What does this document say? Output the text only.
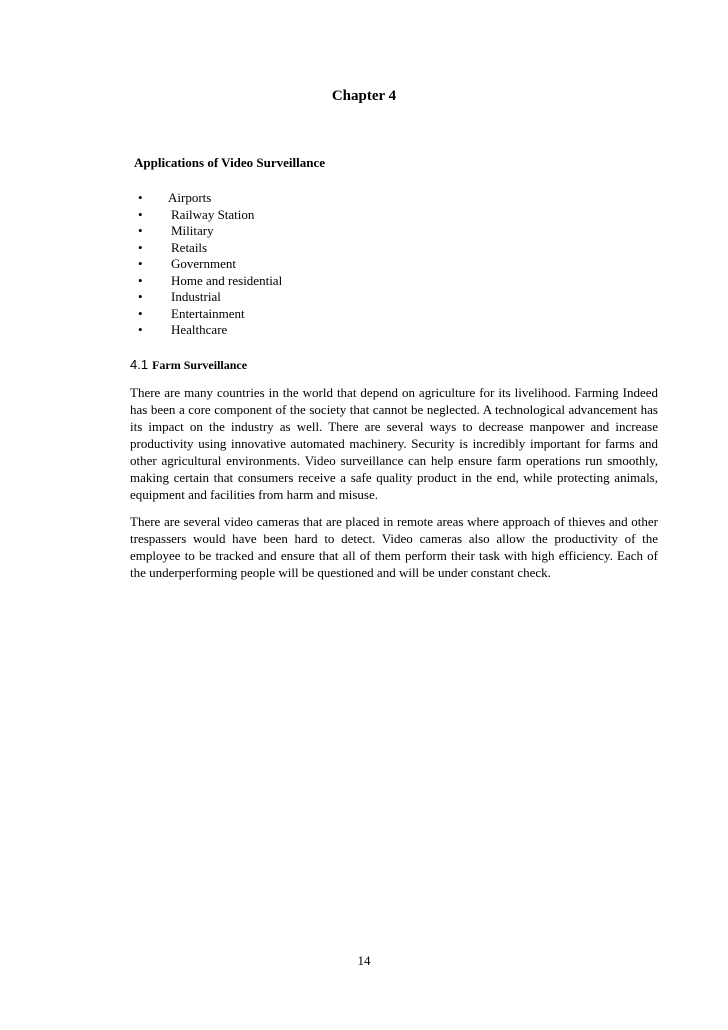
Chapter 4
Applications of Video Surveillance
• Airports
• Railway Station
• Military
• Retails
• Government
• Home and residential
• Industrial
• Entertainment
• Healthcare
4.1 Farm Surveillance

There are many countries in the world that depend on agriculture for its livelihood. Farming Indeed has been a core component of the society that cannot be neglected. A technological advancement has its impact on the industry as well. There are several ways to decrease manpower and increase productivity using innovative automated machinery. Security is incredibly important for farms and other agricultural environments. Video surveillance can help ensure farm operations run smoothly, making certain that consumers receive a safe quality product in the end, while protecting animals, equipment and facilities from harm and misuse.

There are several video cameras that are placed in remote areas where approach of thieves and other trespassers would have been hard to detect. Video cameras also allow the productivity of the employee to be tracked and ensure that all of them perform their task with high efficiency. Each of the underperforming people will be questioned and will be under constant check.

14
